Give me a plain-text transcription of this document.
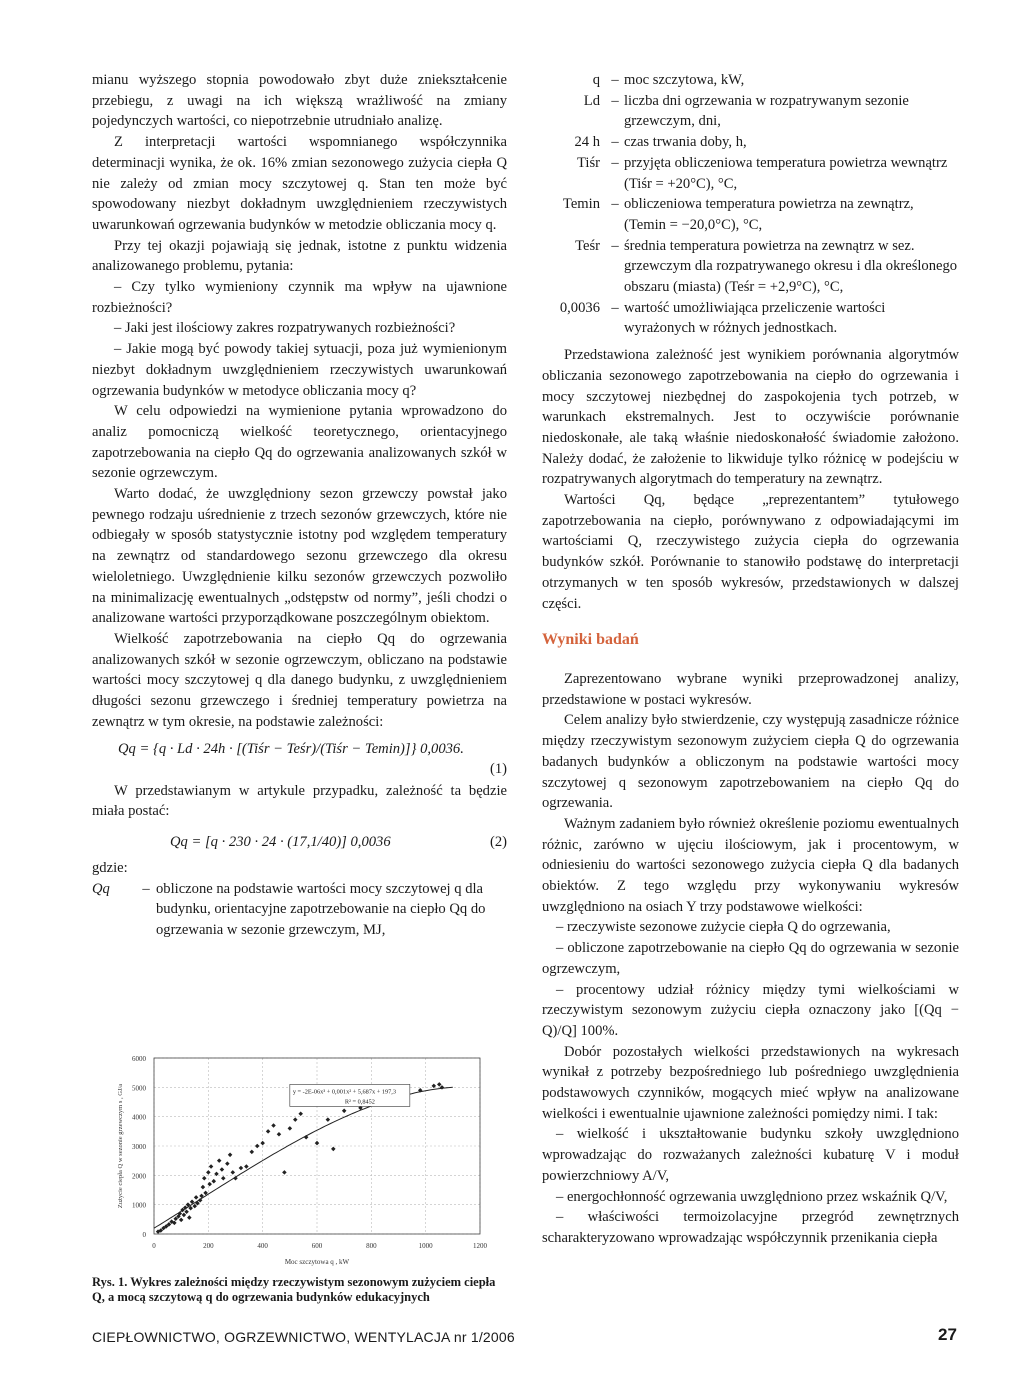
mianu wyższego stopnia powodowało zbyt duże zniekształcenie przebiegu, z uwagi na ich większą wrażliwość na zmiany pojedynczych wartości, co niepotrzebnie utrudniało analizę.

Z interpretacji wartości wspomnianego współczynnika determinacji wynika, że ok. 16% zmian sezonowego zużycia ciepła Q nie zależy od zmian mocy szczytowej q. Stan ten może być spowodowany niezbyt dokładnym uwzględnieniem rzeczywistych uwarunkowań ogrzewania budynków w metodzie obliczania mocy q.

Przy tej okazji pojawiają się jednak, istotne z punktu widzenia analizowanego problemu, pytania:

– Czy tylko wymieniony czynnik ma wpływ na ujawnione rozbieżności?

– Jaki jest ilościowy zakres rozpatrywanych rozbieżności?

– Jakie mogą być powody takiej sytuacji, poza już wymienionym niezbyt dokładnym uwzględnieniem rzeczywistych uwarunkowań ogrzewania budynków w metodyce obliczania mocy q?

W celu odpowiedzi na wymienione pytania wprowadzono do analiz pomocniczą wielkość teoretycznego, orientacyjnego zapotrzebowania na ciepło Qq do ogrzewania analizowanych szkół w sezonie ogrzewczym.

Warto dodać, że uwzględniony sezon grzewczy powstał jako pewnego rodzaju uśrednienie z trzech sezonów grzewczych, które nie odbiegały w sposób statystycznie istotny pod względem temperatury na zewnątrz od standardowego sezonu grzewczego dla okresu wieloletniego. Uwzględnienie kilku sezonów grzewczych pozwoliło na minimalizację ewentualnych „odstępstw od normy”, jeśli chodzi o analizowane wartości przyporządkowane poszczególnym obiektom.

Wielkość zapotrzebowania na ciepło Qq do ogrzewania analizowanych szkół w sezonie ogrzewczym, obliczano na podstawie wartości mocy szczytowej q dla danego budynku, z uwzględnieniem długości sezonu grzewczego i średniej temperatury powietrza na zewnątrz w tym okresie, na podstawie zależności:

Qq = {q · Ld · 24h · [(Tiśr − Teśr)/(Tiśr − Temin)]} 0,0036.
(1)

W przedstawianym w artykule przypadku, zależność ta będzie miała postać:

Qq = [q · 230 · 24 · (17,1/40)] 0,0036	(2)

gdzie:

Qq	– obliczone na podstawie wartości mocy szczytowej q dla budynku, orientacyjne zapotrzebowanie na ciepło Qq do ogrzewania w sezonie grzewczym, MJ,
q – moc szczytowa, kW,
Ld – liczba dni ogrzewania w rozpatrywanym sezonie grzewczym, dni,
24 h – czas trwania doby, h,
Tiśr – przyjęta obliczeniowa temperatura powietrza wewnątrz (Tiśr = +20°C), °C,
Temin – obliczeniowa temperatura powietrza na zewnątrz, (Temin = −20,0°C), °C,
Teśr – średnia temperatura powietrza na zewnątrz w sez. grzewczym dla rozpatrywanego okresu i dla określonego obszaru (miasta) (Teśr = +2,9°C), °C,
0,0036 – wartość umożliwiająca przeliczenie wartości wyrażonych w różnych jednostkach.

Przedstawiona zależność jest wynikiem porównania algorytmów obliczania sezonowego zapotrzebowania na ciepło do ogrzewania i mocy szczytowej niezbędnej do zaspokojenia tych potrzeb, w warunkach ekstremalnych. Jest to oczywiście porównanie niedoskonałe, ale taką właśnie niedoskonałość świadomie założono. Należy dodać, że założenie to likwiduje tylko różnicę w podejściu w rozpatrywanych algorytmach do temperatury na zewnątrz.

Wartości Qq, będące „reprezentantem” tytułowego zapotrzebowania na ciepło, porównywano z odpowiadającymi im wartościami Q, rzeczywistego zużycia ciepła do ogrzewania budynków szkół. Porównanie to stanowiło podstawę do interpretacji otrzymanych w ten sposób wykresów, przedstawionych w dalszej części.

Wyniki badań

Zaprezentowano wybrane wyniki przeprowadzonej analizy, przedstawione w postaci wykresów.

Celem analizy było stwierdzenie, czy występują zasadnicze różnice między rzeczywistym sezonowym zużyciem ciepła Q do ogrzewania badanych budynków a obliczonym na podstawie wartości mocy szczytowej q sezonowym zapotrzebowaniem na ciepło Qq do ogrzewania.

Ważnym zadaniem było również określenie poziomu ewentualnych różnic, zarówno w ujęciu ilościowym, jak i procentowym, w odniesieniu do wartości sezonowego zużycia ciepła Q dla badanych obiektów. Z tego względu przy wykonywaniu wykresów uwzględniono na osiach Y trzy podstawowe wielkości:

– rzeczywiste sezonowe zużycie ciepła Q do ogrzewania,

– obliczone zapotrzebowanie na ciepło Qq do ogrzewania w sezonie ogrzewczym,

– procentowy udział różnicy między tymi wielkościami w rzeczywistym sezonowym zużyciu ciepła oznaczony jako [(Qq − Q)/Q] 100%.

Dobór pozostałych wielkości przedstawionych na wykresach wynikał z potrzeby bezpośredniego lub pośredniego uwzględnienia podstawowych czynników, mogących mieć wpływ na analizowane wielkości i ewentualnie ujawnione zależności pomiędzy nimi. I tak:

– wielkość i ukształtowanie budynku szkoły uwzględniono wprowadzając do rozważanych zależności kubaturę V i moduł powierzchniowy A/V,

– energochłonność ogrzewania uwzględniono przez wskaźnik Q/V,

– właściwości termoizolacyjne przegród zewnętrznych scharakteryzowano wprowadzając współczynnik przenikania ciepła

0
1000
2000
3000
4000
5000
6000
0	200	400	600	800	1000	1200
y = -2E-06x³ + 0,001x² + 5,687x + 197,3
R² = 0,8452
Moc szczytowa q , kW
Zużycie ciepła Q w sezonie grzewczym s , GJ/a
Rys. 1. Wykres zależności między rzeczywistym sezonowym zużyciem ciepła Q, a mocą szczytową q do ogrzewania budynków edukacyjnych
CIEPŁOWNICTWO, OGRZEWNICTWO, WENTYLACJA nr 1/2006	27
